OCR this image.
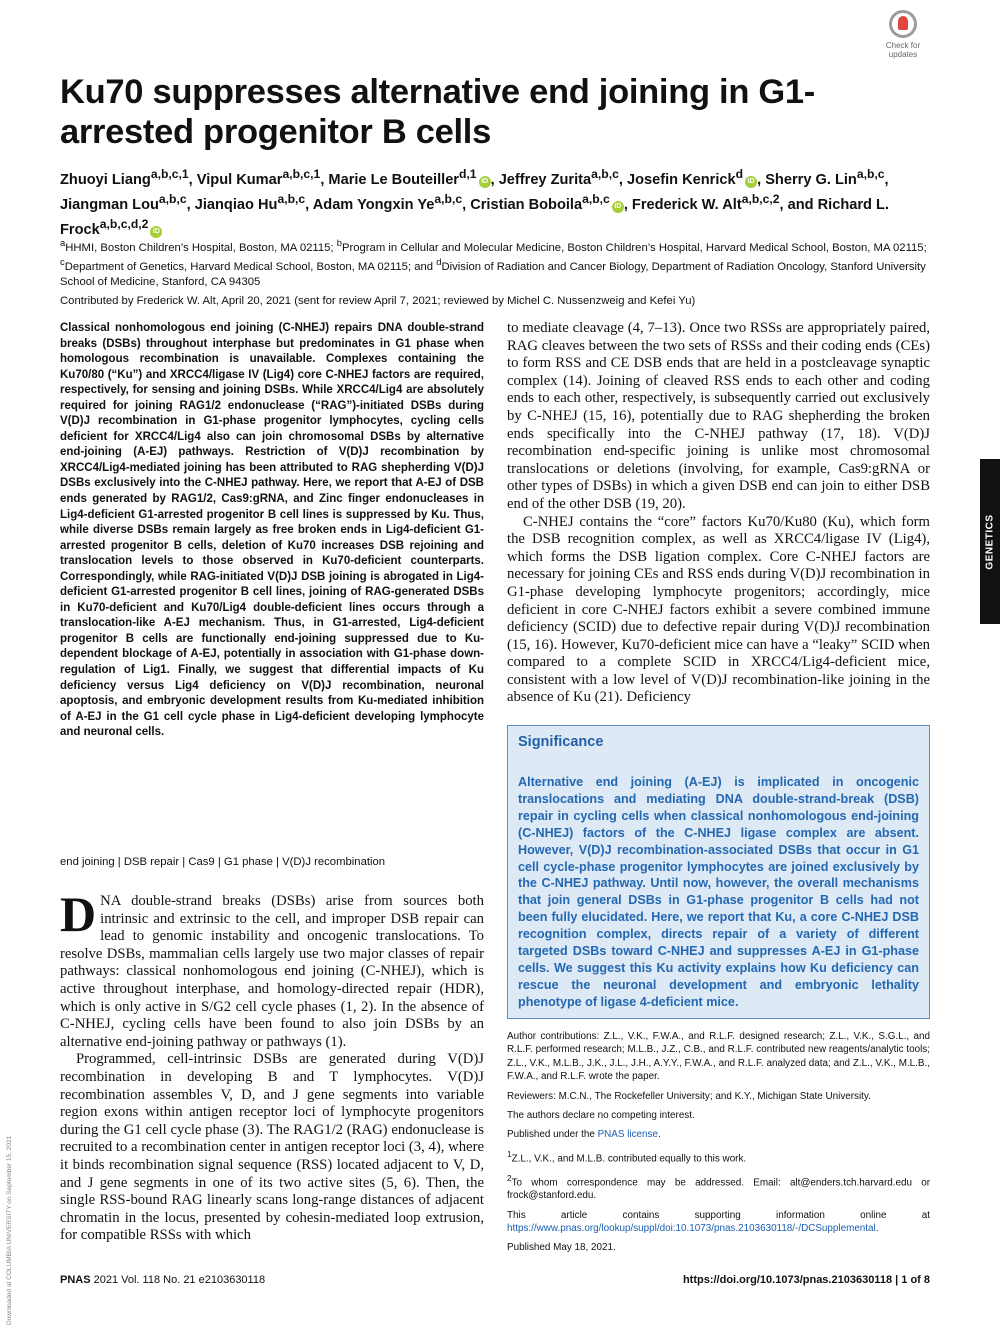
Check for updates
Ku70 suppresses alternative end joining in G1-arrested progenitor B cells
Zhuoyi Liang$^{a,b,c,1}$, Vipul Kumar$^{a,b,c,1}$, Marie Le Bouteiller$^{d,1}$iD , Jeffrey Zurita$^{a,b,c}$, Josefin Kenrick$^d$iD , Sherry G. Lin$^{a,b,c}$, Jiangman Lou$^{a,b,c}$, Jianqiao Hu$^{a,b,c}$, Adam Yongxin Ye$^{a,b,c}$, Cristian Boboila$^{a,b,c}$iD , Frederick W. Alt$^{a,b,c,2}$, and Richard L. Frock$^{a,b,c,d,2}$iD
$^a$HHMI, Boston Children’s Hospital, Boston, MA 02115; $^b$Program in Cellular and Molecular Medicine, Boston Children’s Hospital, Harvard Medical School, Boston, MA 02115; $^c$Department of Genetics, Harvard Medical School, Boston, MA 02115; and $^d$Division of Radiation and Cancer Biology, Department of Radiation Oncology, Stanford University School of Medicine, Stanford, CA 94305
Contributed by Frederick W. Alt, April 20, 2021 (sent for review April 7, 2021; reviewed by Michel C. Nussenzweig and Kefei Yu)
Classical nonhomologous end joining (C-NHEJ) repairs DNA double-strand breaks (DSBs) throughout interphase but predominates in G1 phase when homologous recombination is unavailable. Complexes containing the Ku70/80 (“Ku”) and XRCC4/ligase IV (Lig4) core C-NHEJ factors are required, respectively, for sensing and joining DSBs. While XRCC4/Lig4 are absolutely required for joining RAG1/2 endonuclease (“RAG”)-initiated DSBs during V(D)J recombination in G1-phase progenitor lymphocytes, cycling cells deficient for XRCC4/Lig4 also can join chromosomal DSBs by alternative end-joining (A-EJ) pathways. Restriction of V(D)J recombination by XRCC4/Lig4-mediated joining has been attributed to RAG shepherding V(D)J DSBs exclusively into the C-NHEJ pathway. Here, we report that A-EJ of DSB ends generated by RAG1/2, Cas9:gRNA, and Zinc finger endonucleases in Lig4-deficient G1-arrested progenitor B cell lines is suppressed by Ku. Thus, while diverse DSBs remain largely as free broken ends in Lig4-deficient G1-arrested progenitor B cells, deletion of Ku70 increases DSB rejoining and translocation levels to those observed in Ku70-deficient counterparts. Correspondingly, while RAG-initiated V(D)J DSB joining is abrogated in Lig4-deficient G1-arrested progenitor B cell lines, joining of RAG-generated DSBs in Ku70-deficient and Ku70/Lig4 double-deficient lines occurs through a translocation-like A-EJ mechanism. Thus, in G1-arrested, Lig4-deficient progenitor B cells are functionally end-joining suppressed due to Ku-dependent blockage of A-EJ, potentially in association with G1-phase down-regulation of Lig1. Finally, we suggest that differential impacts of Ku deficiency versus Lig4 deficiency on V(D)J recombination, neuronal apoptosis, and embryonic development results from Ku-mediated inhibition of A-EJ in the G1 cell cycle phase in Lig4-deficient developing lymphocyte and neuronal cells.
end joining | DSB repair | Cas9 | G1 phase | V(D)J recombination

DNA double-strand breaks (DSBs) arise from sources both intrinsic and extrinsic to the cell, and improper DSB repair can lead to genomic instability and oncogenic translocations. To resolve DSBs, mammalian cells largely use two major classes of repair pathways: classical nonhomologous end joining (C-NHEJ), which is active throughout interphase, and homology-directed repair (HDR), which is only active in S/G2 cell cycle phases (1, 2). In the absence of C-NHEJ, cycling cells have been found to also join DSBs by an alternative end-joining pathway or pathways (1).

Programmed, cell-intrinsic DSBs are generated during V(D)J recombination in developing B and T lymphocytes. V(D)J recombination assembles V, D, and J gene segments into variable region exons within antigen receptor loci of lymphocyte progenitors during the G1 cell cycle phase (3). The RAG1/2 (RAG) endonuclease is recruited to a recombination center in antigen receptor loci (3, 4), where it binds recombination signal sequence (RSS) located adjacent to V, D, and J gene segments in one of its two active sites (5, 6). Then, the single RSS-bound RAG linearly scans long-range distances of adjacent chromatin in the locus, presented by cohesin-mediated loop extrusion, for compatible RSSs with which

to mediate cleavage (4, 7–13). Once two RSSs are appropriately paired, RAG cleaves between the two sets of RSSs and their coding ends (CEs) to form RSS and CE DSB ends that are held in a postcleavage synaptic complex (14). Joining of cleaved RSS ends to each other and coding ends to each other, respectively, is subsequently carried out exclusively by C-NHEJ (15, 16), potentially due to RAG shepherding the broken ends specifically into the C-NHEJ pathway (17, 18). V(D)J recombination end-specific joining is unlike most chromosomal translocations or deletions (involving, for example, Cas9:gRNA or other types of DSBs) in which a given DSB end can join to either DSB end of the other DSB (19, 20).

C-NHEJ contains the “core” factors Ku70/Ku80 (Ku), which form the DSB recognition complex, as well as XRCC4/ligase IV (Lig4), which forms the DSB ligation complex. Core C-NHEJ factors are necessary for joining CEs and RSS ends during V(D)J recombination in G1-phase developing lymphocyte progenitors; accordingly, mice deficient in core C-NHEJ factors exhibit a severe combined immune deficiency (SCID) due to defective repair during V(D)J recombination (15, 16). However, Ku70-deficient mice can have a “leaky” SCID when compared to a complete SCID in XRCC4/Lig4-deficient mice, consistent with a low level of V(D)J recombination-like joining in the absence of Ku (21). Deficiency

Significance
Alternative end joining (A-EJ) is implicated in oncogenic translocations and mediating DNA double-strand-break (DSB) repair in cycling cells when classical nonhomologous end-joining (C-NHEJ) factors of the C-NHEJ ligase complex are absent. However, V(D)J recombination-associated DSBs that occur in G1 cell cycle-phase progenitor lymphocytes are joined exclusively by the C-NHEJ pathway. Until now, however, the overall mechanisms that join general DSBs in G1-phase progenitor B cells had not been fully elucidated. Here, we report that Ku, a core C-NHEJ DSB recognition complex, directs repair of a variety of different targeted DSBs toward C-NHEJ and suppresses A-EJ in G1-phase cells. We suggest this Ku activity explains how Ku deficiency can rescue the neuronal development and embryonic lethality phenotype of ligase 4-deficient mice.

Author contributions: Z.L., V.K., F.W.A., and R.L.F. designed research; Z.L., V.K., S.G.L., and R.L.F. performed research; M.L.B., J.Z., C.B., and R.L.F. contributed new reagents/analytic tools; Z.L., V.K., M.L.B., J.K., J.L., J.H., A.Y.Y., F.W.A., and R.L.F. analyzed data; and Z.L., V.K., M.L.B., F.W.A., and R.L.F. wrote the paper.

Reviewers: M.C.N., The Rockefeller University; and K.Y., Michigan State University.

The authors declare no competing interest.

Published under the PNAS license.

$^1$Z.L., V.K., and M.L.B. contributed equally to this work.

$^2$To whom correspondence may be addressed. Email: alt@enders.tch.harvard.edu or frock@stanford.edu.

This article contains supporting information online at https://www.pnas.org/lookup/suppl/doi:10.1073/pnas.2103630118/-/DCSupplemental.

Published May 18, 2021.

GENETICS
Downloaded at COLUMBIA UNIVERSITY on September 15, 2021	PNAS 2021 Vol. 118 No. 21 e2103630118	https://doi.org/10.1073/pnas.2103630118 | 1 of 8
